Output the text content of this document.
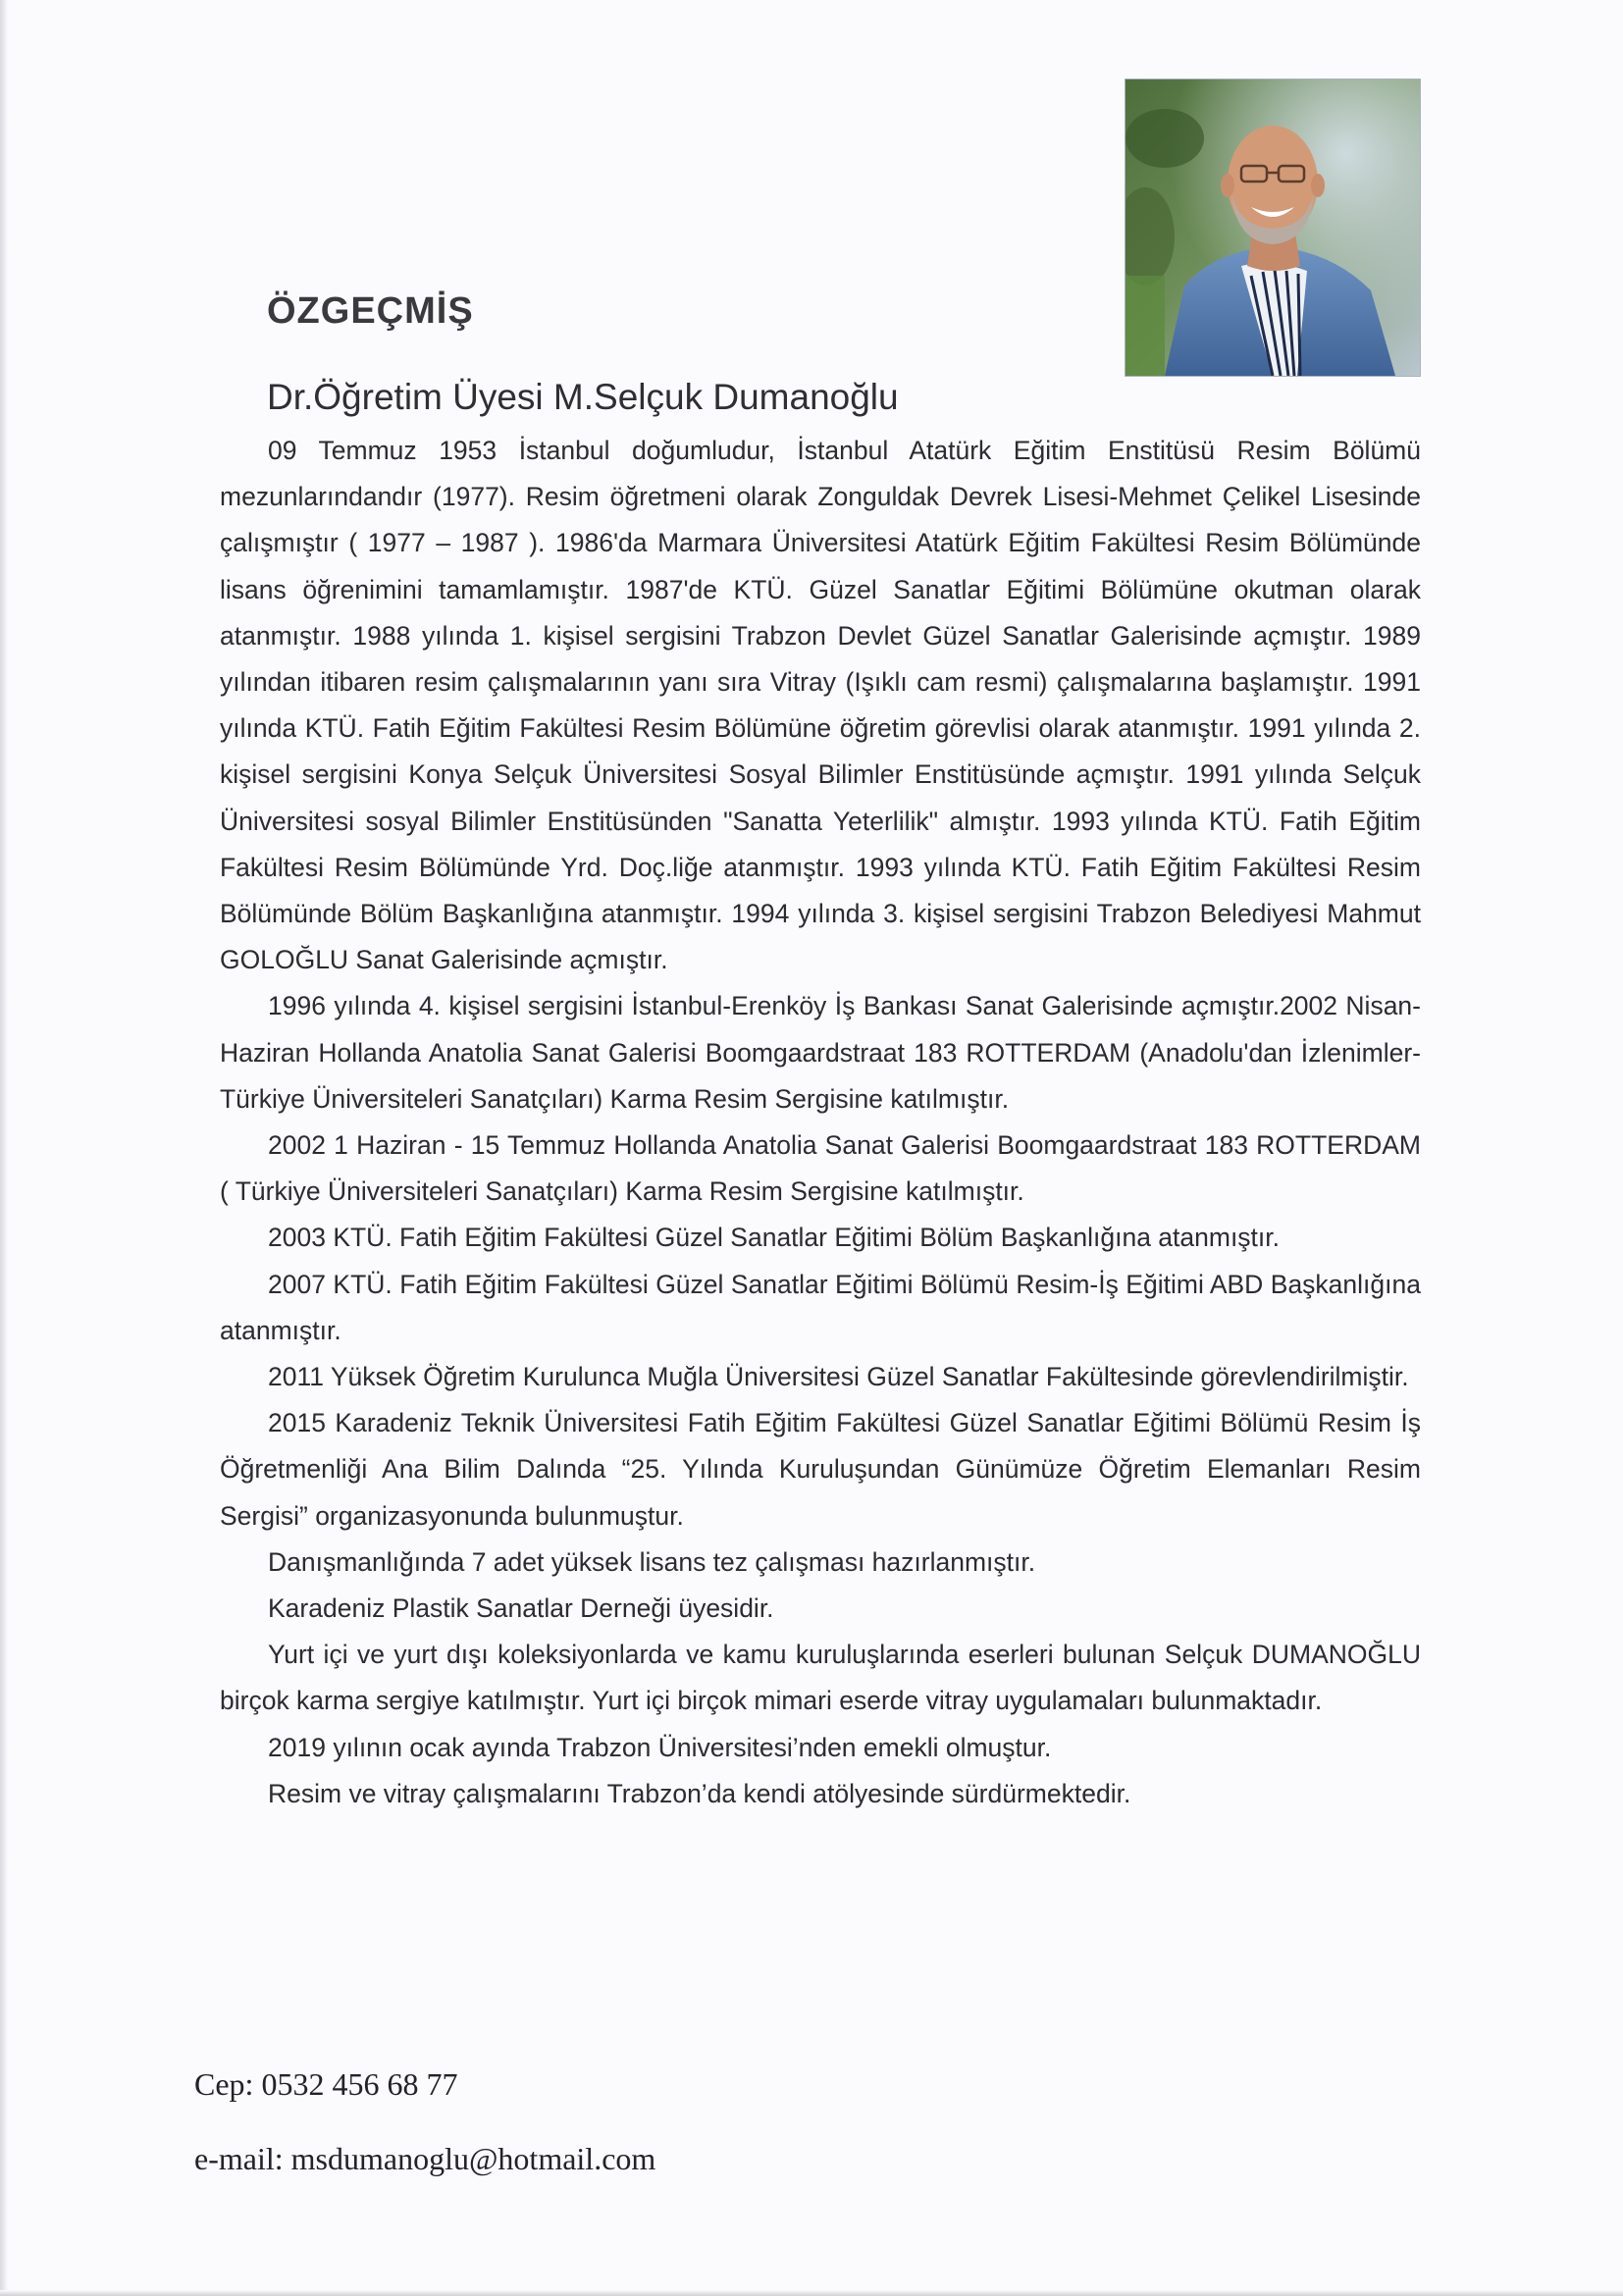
ÖZGEÇMİŞ
Dr.Öğretim Üyesi M.Selçuk Dumanoğlu

09 Temmuz 1953 İstanbul doğumludur, İstanbul Atatürk Eğitim Enstitüsü Resim Bölümü mezunlarındandır (1977). Resim öğretmeni olarak Zonguldak Devrek Lisesi-Mehmet Çelikel Lisesinde çalışmıştır ( 1977 – 1987 ). 1986'da Marmara Üniversitesi Atatürk Eğitim Fakültesi Resim Bölümünde lisans öğrenimini tamamlamıştır. 1987'de KTÜ. Güzel Sanatlar Eğitimi Bölümüne okutman olarak atanmıştır. 1988 yılında 1. kişisel sergisini Trabzon Devlet Güzel Sanatlar Galerisinde açmıştır. 1989 yılından itibaren resim çalışmalarının yanı sıra Vitray (Işıklı cam resmi) çalışmalarına başlamıştır. 1991 yılında KTÜ. Fatih Eğitim Fakültesi Resim Bölümüne öğretim görevlisi olarak atanmıştır. 1991 yılında 2. kişisel sergisini Konya Selçuk Üniversitesi Sosyal Bilimler Enstitüsünde açmıştır. 1991 yılında Selçuk Üniversitesi sosyal Bilimler Enstitüsünden "Sanatta Yeterlilik" almıştır. 1993 yılında KTÜ. Fatih Eğitim Fakültesi Resim Bölümünde Yrd. Doç.liğe atanmıştır. 1993 yılında KTÜ. Fatih Eğitim Fakültesi Resim Bölümünde Bölüm Başkanlığına atanmıştır. 1994 yılında 3. kişisel sergisini Trabzon Belediyesi Mahmut GOLOĞLU Sanat Galerisinde açmıştır.

1996 yılında 4. kişisel sergisini İstanbul-Erenköy İş Bankası Sanat Galerisinde açmıştır.2002 Nisan-Haziran Hollanda Anatolia Sanat Galerisi Boomgaardstraat 183 ROTTERDAM (Anadolu'dan İzlenimler-Türkiye Üniversiteleri Sanatçıları) Karma Resim Sergisine katılmıştır.

2002 1 Haziran - 15 Temmuz Hollanda Anatolia Sanat Galerisi Boomgaardstraat 183 ROTTERDAM ( Türkiye Üniversiteleri Sanatçıları) Karma Resim Sergisine katılmıştır.

2003 KTÜ. Fatih Eğitim Fakültesi Güzel Sanatlar Eğitimi Bölüm Başkanlığına atanmıştır.

2007 KTÜ. Fatih Eğitim Fakültesi Güzel Sanatlar Eğitimi Bölümü Resim-İş Eğitimi ABD Başkanlığına atanmıştır.

2011 Yüksek Öğretim Kurulunca Muğla Üniversitesi Güzel Sanatlar Fakültesinde görevlendirilmiştir.

2015 Karadeniz Teknik Üniversitesi Fatih Eğitim Fakültesi Güzel Sanatlar Eğitimi Bölümü Resim İş Öğretmenliği Ana Bilim Dalında “25. Yılında Kuruluşundan Günümüze Öğretim Elemanları Resim Sergisi” organizasyonunda bulunmuştur.

Danışmanlığında 7 adet yüksek lisans tez çalışması hazırlanmıştır.

Karadeniz Plastik Sanatlar Derneği üyesidir.

Yurt içi ve yurt dışı koleksiyonlarda ve kamu kuruluşlarında eserleri bulunan Selçuk DUMANOĞLU birçok karma sergiye katılmıştır. Yurt içi birçok mimari eserde vitray uygulamaları bulunmaktadır.

2019 yılının ocak ayında Trabzon Üniversitesi’nden emekli olmuştur.

Resim ve vitray çalışmalarını Trabzon’da kendi atölyesinde sürdürmektedir.

Cep: 0532 456 68 77
e-mail: msdumanoglu@hotmail.com
